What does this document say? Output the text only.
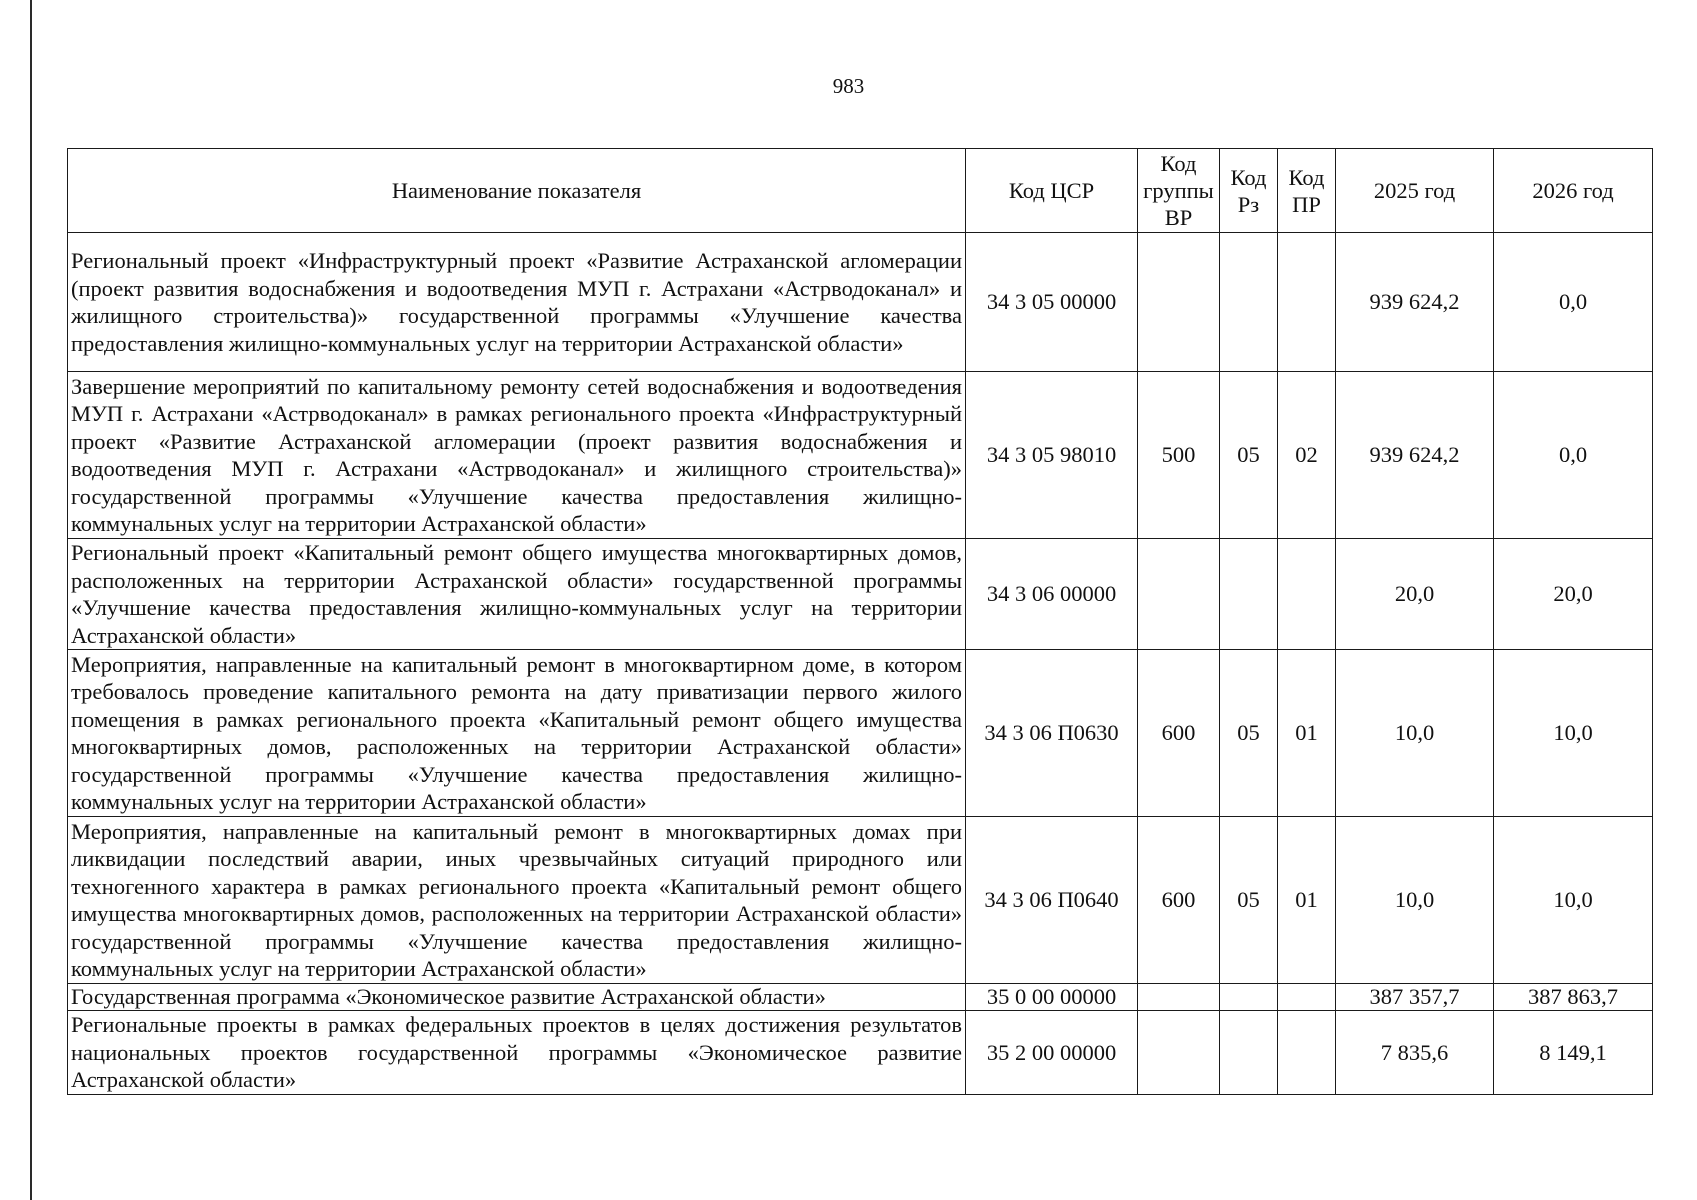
983
Наименование показателя	Код ЦСР	Код группы ВР	Код Рз	Код ПР	2025 год	2026 год
Региональный проект «Инфраструктурный проект «Развитие Астраханской агломерации (проект развития водоснабжения и водоотведения МУП г. Астрахани «Астрводоканал» и жилищного строительства)» государственной программы «Улучшение качества предоставления жилищно-коммунальных услуг на территории Астраханской области»	34 3 05 00000				939 624,2	0,0
Завершение мероприятий по капитальному ремонту сетей водоснабжения и водоотведения МУП г. Астрахани «Астрводоканал» в рамках регионального проекта «Инфраструктурный проект «Развитие Астраханской агломерации (проект развития водоснабжения и водоотведения МУП г. Астрахани «Астрводоканал» и жилищного строительства)» государственной программы «Улучшение качества предоставления жилищно-коммунальных услуг на территории Астраханской области»	34 3 05 98010	500	05	02	939 624,2	0,0
Региональный проект «Капитальный ремонт общего имущества многоквартирных домов, расположенных на территории Астраханской области» государственной программы «Улучшение качества предоставления жилищно-коммунальных услуг на территории Астраханской области»	34 3 06 00000				20,0	20,0
Мероприятия, направленные на капитальный ремонт в многоквартирном доме, в котором требовалось проведение капитального ремонта на дату приватизации первого жилого помещения в рамках регионального проекта «Капитальный ремонт общего имущества многоквартирных домов, расположенных на территории Астраханской области» государственной программы «Улучшение качества предоставления жилищно-коммунальных услуг на территории Астраханской области»	34 3 06 П0630	600	05	01	10,0	10,0
Мероприятия, направленные на капитальный ремонт в многоквартирных домах при ликвидации последствий аварии, иных чрезвычайных ситуаций природного или техногенного характера в рамках регионального проекта «Капитальный ремонт общего имущества многоквартирных домов, расположенных на территории Астраханской области» государственной программы «Улучшение качества предоставления жилищно-коммунальных услуг на территории Астраханской области»	34 3 06 П0640	600	05	01	10,0	10,0
Государственная программа «Экономическое развитие Астраханской области»	35 0 00 00000				387 357,7	387 863,7
Региональные проекты в рамках федеральных проектов в целях достижения результатов национальных проектов государственной программы «Экономическое развитие Астраханской области»	35 2 00 00000				7 835,6	8 149,1
